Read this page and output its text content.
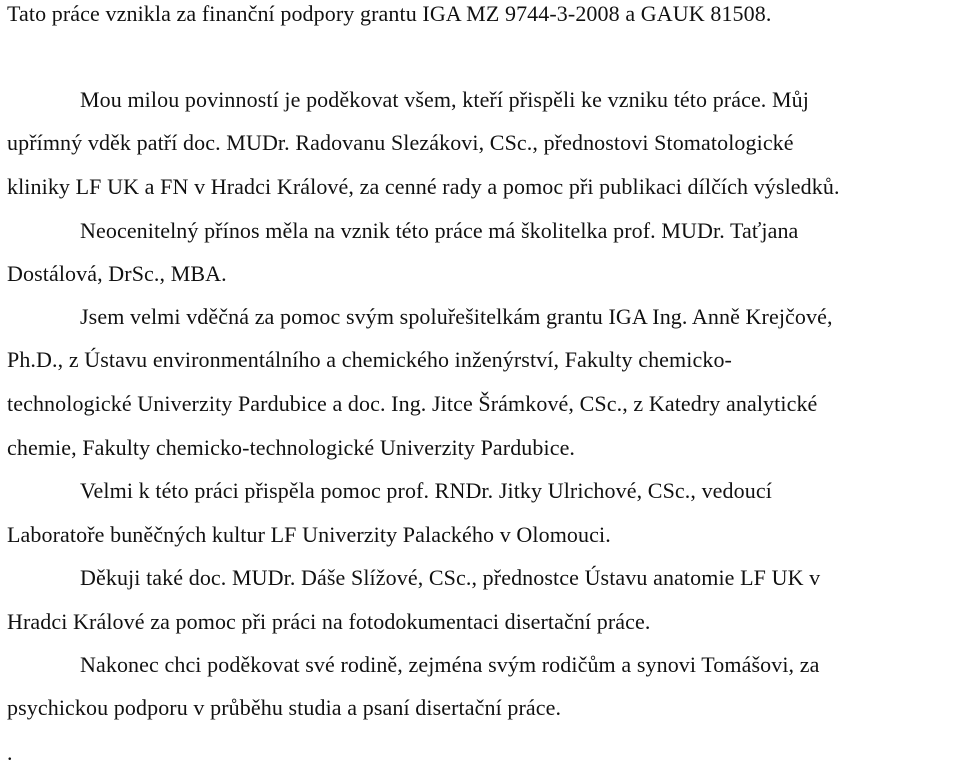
Tato práce vznikla za finanční podpory grantu IGA MZ 9744-3-2008 a GAUK 81508.
Mou milou povinností je poděkovat všem, kteří přispěli ke vzniku této práce. Můj
upřímný vděk patří doc. MUDr. Radovanu Slezákovi, CSc., přednostovi Stomatologické
kliniky LF UK a FN v Hradci Králové, za cenné rady a pomoc při publikaci dílčích výsledků.
Neocenitelný přínos měla na vznik této práce má školitelka prof. MUDr. Taťjana
Dostálová, DrSc., MBA.
Jsem velmi vděčná za pomoc svým spoluřešitelkám grantu IGA Ing. Anně Krejčové,
Ph.D., z Ústavu environmentálního a chemického inženýrství, Fakulty chemicko-
technologické Univerzity Pardubice a doc. Ing. Jitce Šrámkové, CSc., z Katedry analytické
chemie, Fakulty chemicko-technologické Univerzity Pardubice.
Velmi k této práci přispěla pomoc prof. RNDr. Jitky Ulrichové, CSc., vedoucí
Laboratoře buněčných kultur LF Univerzity Palackého v Olomouci.
Děkuji také doc. MUDr. Dáše Slížové, CSc., přednostce Ústavu anatomie LF UK v
Hradci Králové za pomoc při práci na fotodokumentaci disertační práce.
Nakonec chci poděkovat své rodině, zejména svým rodičům a synovi Tomášovi, za
psychickou podporu v průběhu studia a psaní disertační práce.
.
